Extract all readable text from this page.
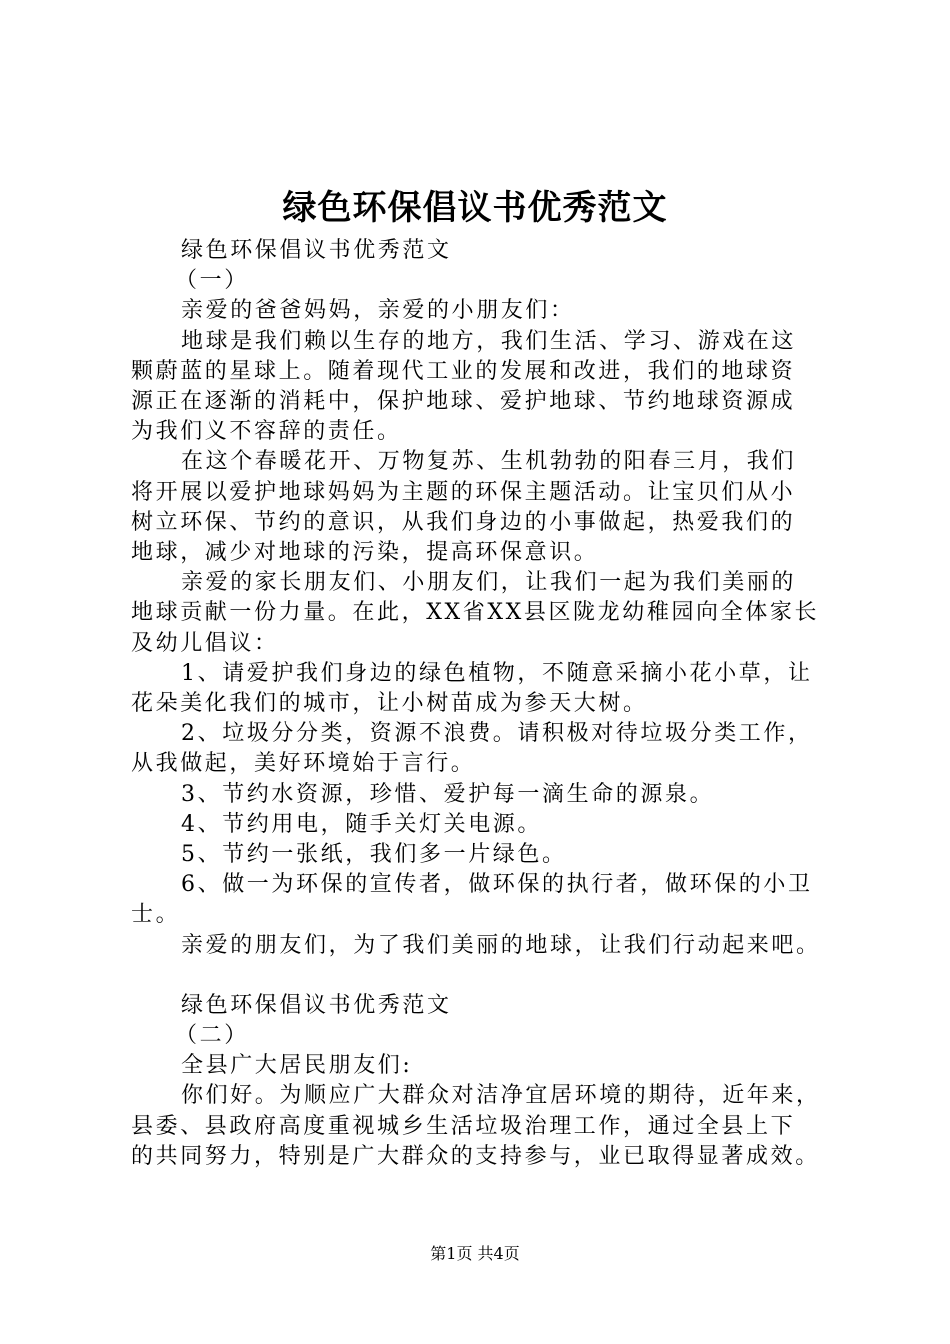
绿色环保倡议书优秀范文

绿色环保倡议书优秀范文

（一）

亲爱的爸爸妈妈，亲爱的小朋友们：

地球是我们赖以生存的地方，我们生活、学习、游戏在这

颗蔚蓝的星球上。随着现代工业的发展和改进，我们的地球资

源正在逐渐的消耗中，保护地球、爱护地球、节约地球资源成

为我们义不容辞的责任。

在这个春暖花开、万物复苏、生机勃勃的阳春三月，我们

将开展以爱护地球妈妈为主题的环保主题活动。让宝贝们从小

树立环保、节约的意识，从我们身边的小事做起，热爱我们的

地球，减少对地球的污染，提高环保意识。

亲爱的家长朋友们、小朋友们，让我们一起为我们美丽的

地球贡献一份力量。在此，XX省XX县区陇龙幼稚园向全体家长

及幼儿倡议：

1、请爱护我们身边的绿色植物，不随意采摘小花小草，让

花朵美化我们的城市，让小树苗成为参天大树。

2、垃圾分分类，资源不浪费。请积极对待垃圾分类工作，

从我做起，美好环境始于言行。

3、节约水资源，珍惜、爱护每一滴生命的源泉。

4、节约用电，随手关灯关电源。

5、节约一张纸，我们多一片绿色。

6、做一为环保的宣传者，做环保的执行者，做环保的小卫

士。

亲爱的朋友们，为了我们美丽的地球，让我们行动起来吧。

绿色环保倡议书优秀范文

（二）

全县广大居民朋友们:

你们好。为顺应广大群众对洁净宜居环境的期待，近年来，

县委、县政府高度重视城乡生活垃圾治理工作，通过全县上下

的共同努力，特别是广大群众的支持参与，业已取得显著成效。

第1页 共4页
